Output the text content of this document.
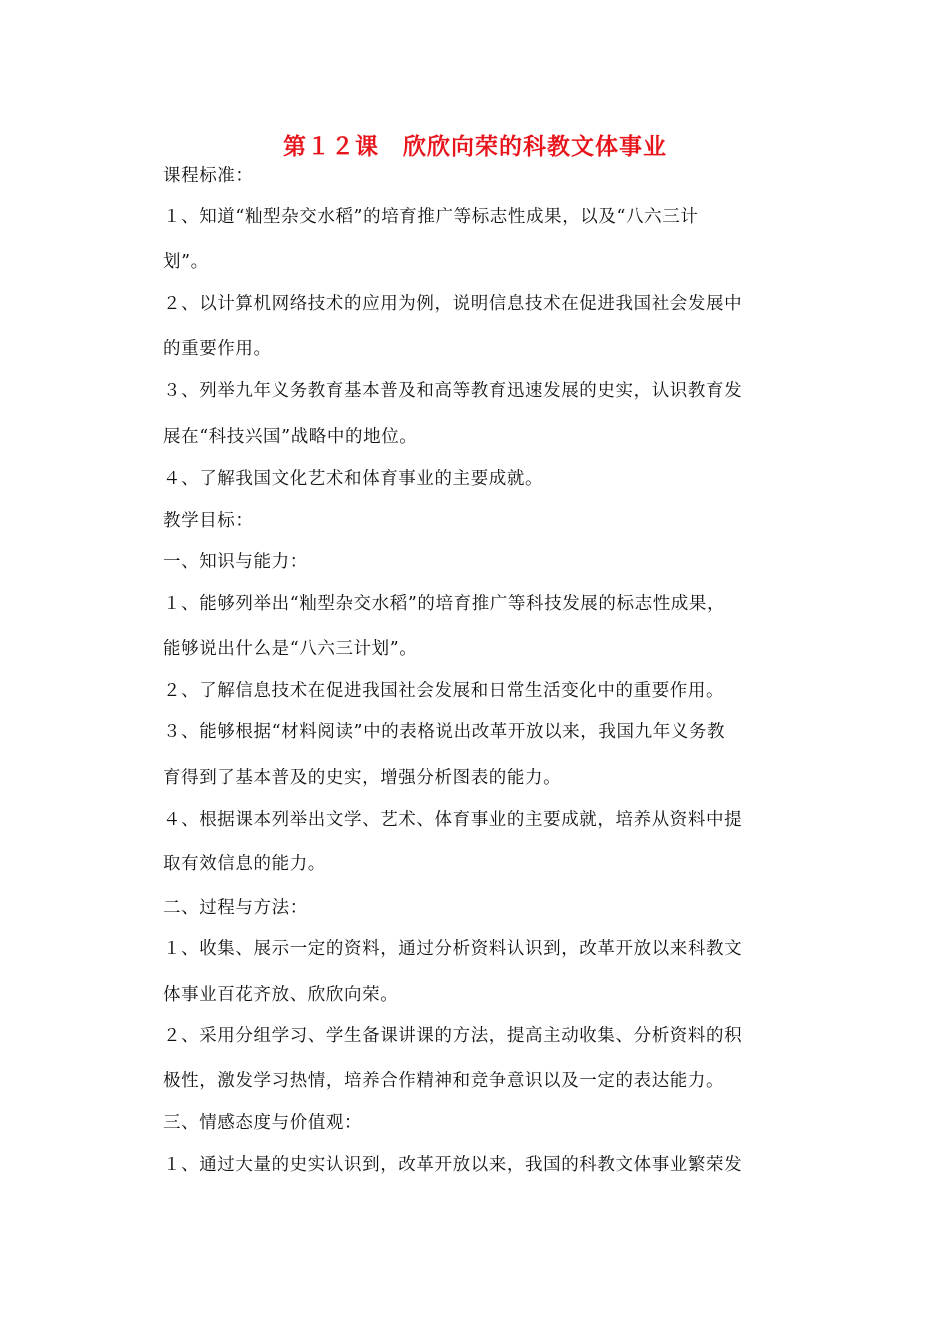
第１２课　欣欣向荣的科教文体事业
课程标准：
１、知道“籼型杂交水稻”的培育推广等标志性成果，以及“八六三计
划”。
２、以计算机网络技术的应用为例，说明信息技术在促进我国社会发展中
的重要作用。
３、列举九年义务教育基本普及和高等教育迅速发展的史实，认识教育发
展在“科技兴国”战略中的地位。
４、了解我国文化艺术和体育事业的主要成就。
教学目标：
一、知识与能力：
１、能够列举出“籼型杂交水稻”的培育推广等科技发展的标志性成果，
能够说出什么是“八六三计划”。
２、了解信息技术在促进我国社会发展和日常生活变化中的重要作用。
３、能够根据“材料阅读”中的表格说出改革开放以来，我国九年义务教
育得到了基本普及的史实，增强分析图表的能力。
４、根据课本列举出文学、艺术、体育事业的主要成就，培养从资料中提
取有效信息的能力。
二、过程与方法：
１、收集、展示一定的资料，通过分析资料认识到，改革开放以来科教文
体事业百花齐放、欣欣向荣。
２、采用分组学习、学生备课讲课的方法，提高主动收集、分析资料的积
极性，激发学习热情，培养合作精神和竞争意识以及一定的表达能力。
三、情感态度与价值观：
１、通过大量的史实认识到，改革开放以来，我国的科教文体事业繁荣发
